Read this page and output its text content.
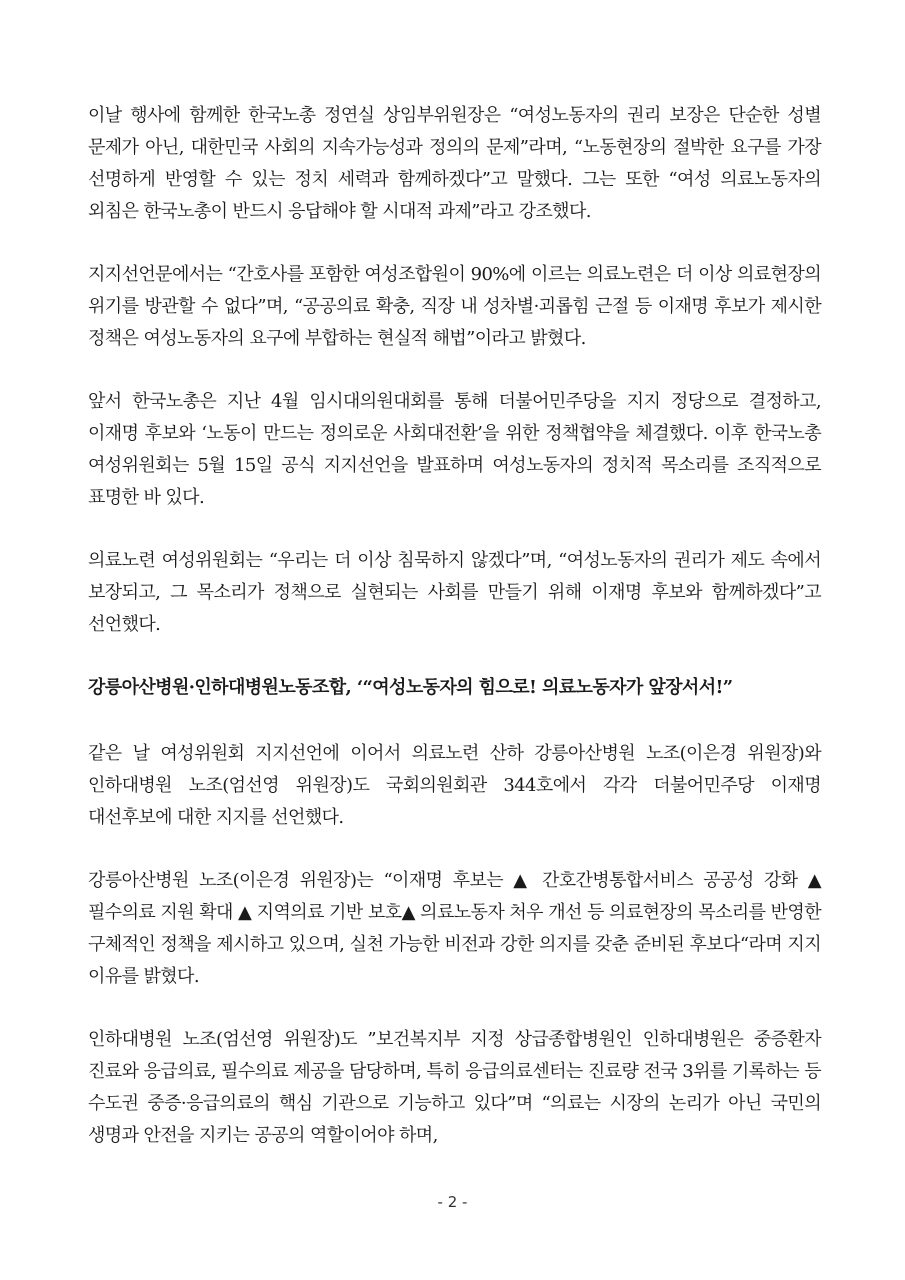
이날 행사에 함께한 한국노총 정연실 상임부위원장은 “여성노동자의 권리 보장은 단순한 성별 문제가 아닌, 대한민국 사회의 지속가능성과 정의의 문제”라며, “노동현장의 절박한 요구를 가장 선명하게 반영할 수 있는 정치 세력과 함께하겠다”고 말했다. 그는 또한 “여성 의료노동자의 외침은 한국노총이 반드시 응답해야 할 시대적 과제”라고 강조했다.

지지선언문에서는 “간호사를 포함한 여성조합원이 90%에 이르는 의료노련은 더 이상 의료현장의 위기를 방관할 수 없다”며, “공공의료 확충, 직장 내 성차별·괴롭힘 근절 등 이재명 후보가 제시한 정책은 여성노동자의 요구에 부합하는 현실적 해법”이라고 밝혔다.

앞서 한국노총은 지난 4월 임시대의원대회를 통해 더불어민주당을 지지 정당으로 결정하고, 이재명 후보와 ‘노동이 만드는 정의로운 사회대전환’을 위한 정책협약을 체결했다. 이후 한국노총 여성위원회는 5월 15일 공식 지지선언을 발표하며 여성노동자의 정치적 목소리를 조직적으로 표명한 바 있다.

의료노련 여성위원회는 “우리는 더 이상 침묵하지 않겠다”며, “여성노동자의 권리가 제도 속에서 보장되고, 그 목소리가 정책으로 실현되는 사회를 만들기 위해 이재명 후보와 함께하겠다”고 선언했다.

강릉아산병원·인하대병원노동조합, ‘“여성노동자의 힘으로! 의료노동자가 앞장서서!”

같은 날 여성위원회 지지선언에 이어서 의료노련 산하 강릉아산병원 노조(이은경 위원장)와 인하대병원 노조(엄선영 위원장)도 국회의원회관 344호에서 각각 더불어민주당 이재명 대선후보에 대한 지지를 선언했다.

강릉아산병원 노조(이은경 위원장)는 “이재명 후보는 ▲ 간호간병통합서비스 공공성 강화 ▲ 필수의료 지원 확대 ▲ 지역의료 기반 보호▲ 의료노동자 처우 개선 등 의료현장의 목소리를 반영한 구체적인 정책을 제시하고 있으며, 실천 가능한 비전과 강한 의지를 갖춘 준비된 후보다“라며 지지 이유를 밝혔다.

인하대병원 노조(엄선영 위원장)도 ”보건복지부 지정 상급종합병원인 인하대병원은 중증환자 진료와 응급의료, 필수의료 제공을 담당하며, 특히 응급의료센터는 진료량 전국 3위를 기록하는 등 수도권 중증·응급의료의 핵심 기관으로 기능하고 있다”며 “의료는 시장의 논리가 아닌 국민의 생명과 안전을 지키는 공공의 역할이어야 하며,

- 2 -
